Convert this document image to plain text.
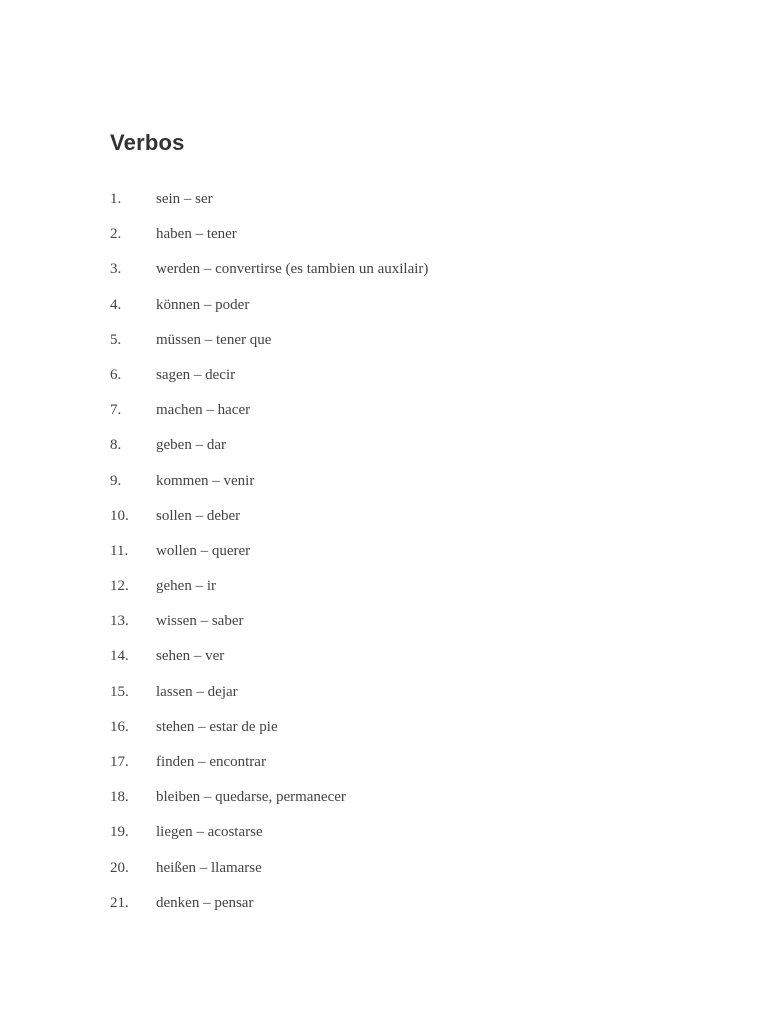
Verbos
1.	sein – ser
2.	haben – tener
3.	werden – convertirse (es tambien un auxilair)
4.	können – poder
5.	müssen – tener que
6.	sagen – decir
7.	machen – hacer
8.	geben – dar
9.	kommen – venir
10.	sollen – deber
11.	wollen – querer
12.	gehen – ir
13.	wissen – saber
14.	sehen – ver
15.	lassen – dejar
16.	stehen – estar de pie
17.	finden – encontrar
18.	bleiben – quedarse, permanecer
19.	liegen – acostarse
20.	heißen – llamarse
21.	denken – pensar
